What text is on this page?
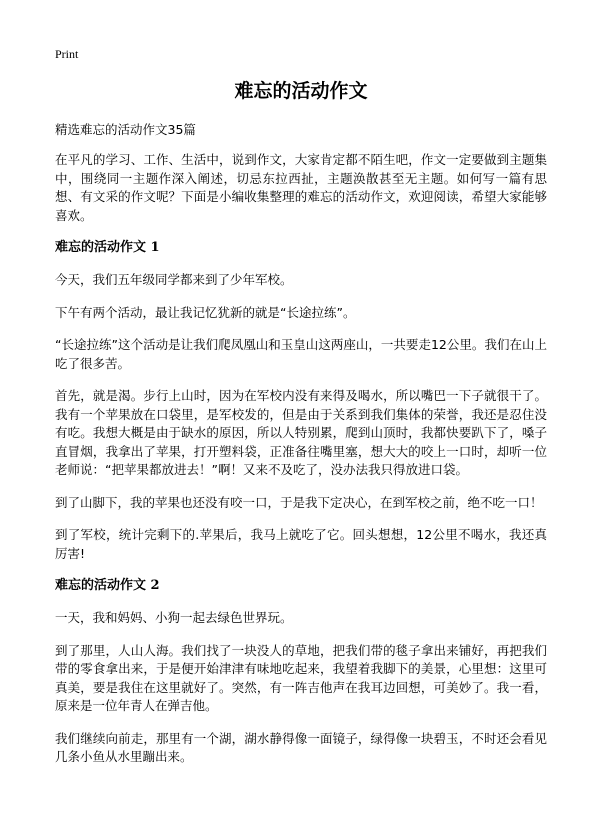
Print
难忘的活动作文
精选难忘的活动作文35篇

在平凡的学习、工作、生活中，说到作文，大家肯定都不陌生吧，作文一定要做到主题集中，围绕同一主题作深入阐述，切忌东拉西扯，主题涣散甚至无主题。如何写一篇有思想、有文采的作文呢？下面是小编收集整理的难忘的活动作文，欢迎阅读，希望大家能够喜欢。

难忘的活动作文 1

今天，我们五年级同学都来到了少年军校。

下午有两个活动，最让我记忆犹新的就是“长途拉练”。

“长途拉练”这个活动是让我们爬凤凰山和玉皇山这两座山，一共要走12公里。我们在山上吃了很多苦。

首先，就是渴。步行上山时，因为在军校内没有来得及喝水，所以嘴巴一下子就很干了。我有一个苹果放在口袋里，是军校发的，但是由于关系到我们集体的荣誉，我还是忍住没有吃。我想大概是由于缺水的原因，所以人特别累，爬到山顶时，我都快要趴下了，嗓子直冒烟，我拿出了苹果，打开塑料袋，正准备往嘴里塞，想大大的咬上一口时，却听一位老师说：“把苹果都放进去！”啊！又来不及吃了，没办法我只得放进口袋。

到了山脚下，我的苹果也还没有咬一口，于是我下定决心，在到军校之前，绝不吃一口！

到了军校，统计完剩下的.苹果后，我马上就吃了它。回头想想，12公里不喝水，我还真厉害!

难忘的活动作文 2

一天，我和妈妈、小狗一起去绿色世界玩。

到了那里，人山人海。我们找了一块没人的草地，把我们带的毯子拿出来铺好，再把我们带的零食拿出来，于是便开始津津有味地吃起来，我望着我脚下的美景，心里想：这里可真美，要是我住在这里就好了。突然，有一阵吉他声在我耳边回想，可美妙了。我一看，原来是一位年青人在弹吉他。

我们继续向前走，那里有一个湖，湖水静得像一面镜子，绿得像一块碧玉，不时还会看见几条小鱼从水里蹦出来。
